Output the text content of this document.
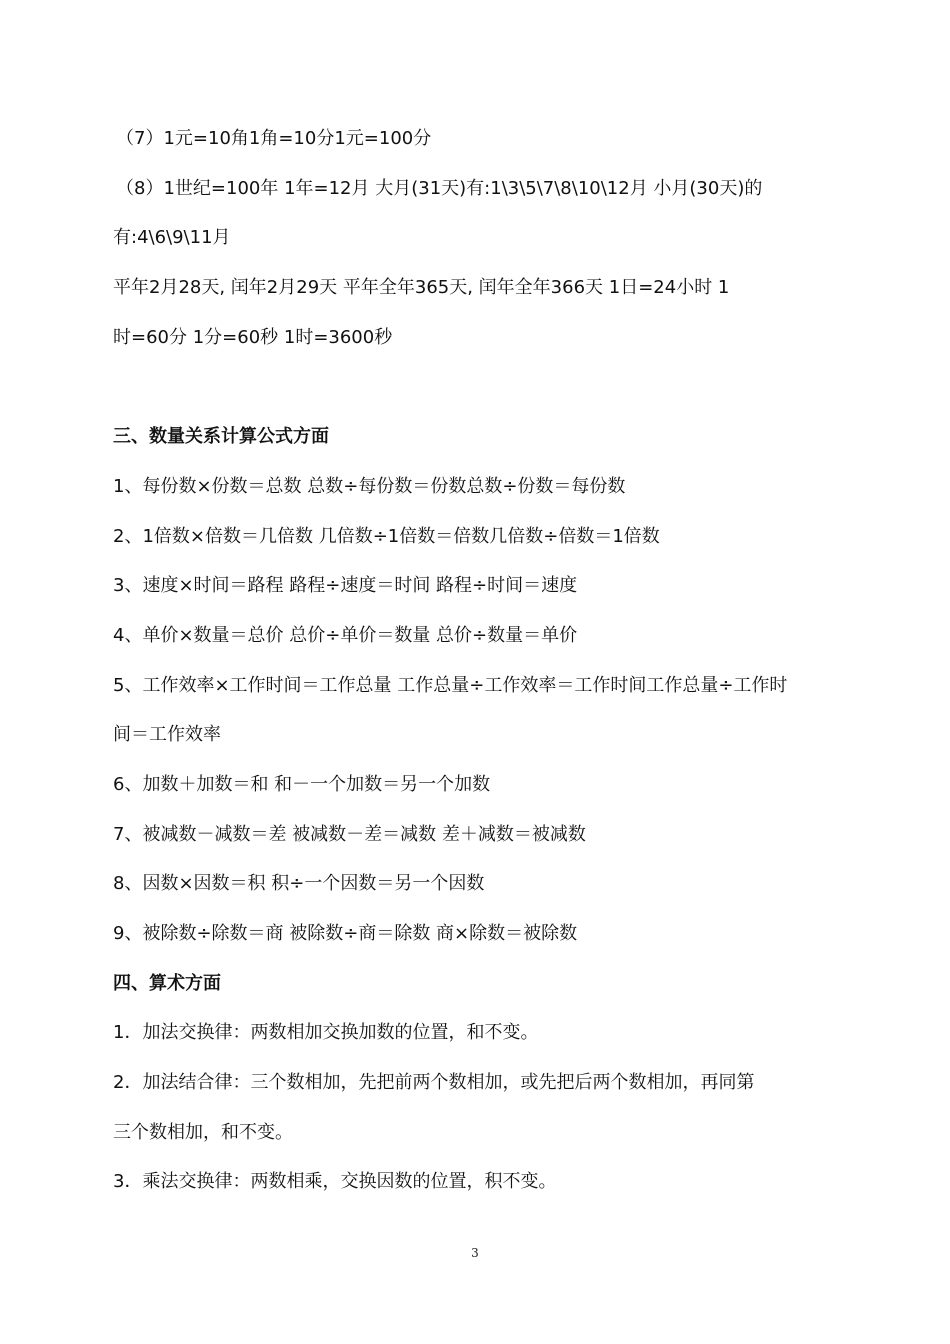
（7）1元=10角1角=10分1元=100分
（8）1世纪=100年 1年=12月 大月(31天)有:1\3\5\7\8\10\12月 小月(30天)的
有:4\6\9\11月
平年2月28天, 闰年2月29天 平年全年365天, 闰年全年366天 1日=24小时 1
时=60分 1分=60秒 1时=3600秒
三、数量关系计算公式方面
1、每份数×份数＝总数 总数÷每份数＝份数总数÷份数＝每份数
2、1倍数×倍数＝几倍数 几倍数÷1倍数＝倍数几倍数÷倍数＝1倍数
3、速度×时间＝路程 路程÷速度＝时间 路程÷时间＝速度
4、单价×数量＝总价 总价÷单价＝数量 总价÷数量＝单价
5、工作效率×工作时间＝工作总量 工作总量÷工作效率＝工作时间工作总量÷工作时
间＝工作效率
6、加数＋加数＝和 和－一个加数＝另一个加数
7、被减数－减数＝差 被减数－差＝减数 差＋减数＝被减数
8、因数×因数＝积 积÷一个因数＝另一个因数
9、被除数÷除数＝商 被除数÷商＝除数 商×除数＝被除数
四、算术方面
1．加法交换律：两数相加交换加数的位置，和不变。
2．加法结合律：三个数相加，先把前两个数相加，或先把后两个数相加，再同第
三个数相加，和不变。
3．乘法交换律：两数相乘，交换因数的位置，积不变。
3
